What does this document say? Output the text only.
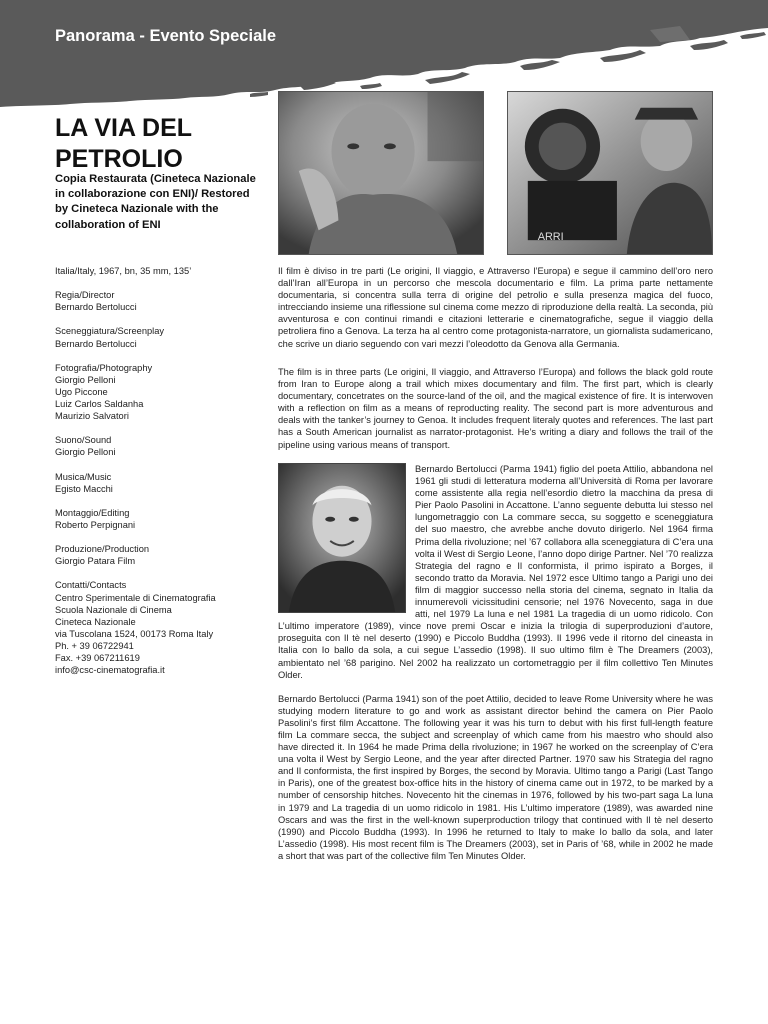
Panorama - Evento Speciale
LA VIA DEL PETROLIO
Copia Restaurata (Cineteca Nazionale in collaborazione con ENI)/ Restored by Cineteca Nazionale with the collaboration of ENI
ARRI
Italia/Italy, 1967, bn, 35 mm, 135’
Regia/Director
Bernardo Bertolucci
Sceneggiatura/Screenplay
Bernardo Bertolucci
Fotografia/Photography
Giorgio Pelloni
Ugo Piccone
Luiz Carlos Saldanha
Maurizio Salvatori
Suono/Sound
Giorgio Pelloni
Musica/Music
Egisto Macchi
Montaggio/Editing
Roberto Perpignani
Produzione/Production
Giorgio Patara Film
Contatti/Contacts
Centro Sperimentale di Cinematografia
Scuola Nazionale di Cinema
Cineteca Nazionale
via Tuscolana 1524, 00173 Roma Italy
Ph. + 39 06722941
Fax. +39 067211619
info@csc-cinematografia.it

Il film è diviso in tre parti (Le origini, Il viaggio, e Attraverso l’Europa) e segue il cammino dell’oro nero dall’Iran all’Europa in un percorso che mescola documentario e film. La prima parte nettamente documentaria, si concentra sulla terra di origine del petrolio e sulla presenza magica del fuoco, intrecciando insieme una riflessione sul cinema come mezzo di riproduzione della realtà. La seconda, più avventurosa e con continui rimandi e citazioni letterarie e cinematografiche, segue il viaggio della petroliera fino a Genova. La terza ha al centro come protagonista-narratore, un giornalista sudamericano, che scrive un diario seguendo con vari mezzi l’oleodotto da Genova alla Germania.

The film is in three parts (Le origini, Il viaggio, and Attraverso l’Europa) and follows the black gold route from Iran to Europe along a trail which mixes documentary and film. The first part, which is clearly documentary, concetrates on the source-land of the oil, and the magical existence of fire. It is interwoven with a reflection on film as a means of reproducting reality. The second part is more adventurous and deals with the tanker’s journey to Genoa. It includes frequent literaly quotes and references. The last part has a South American journalist as narrator-protagonist. He’s writing a diary and follows the trail of the pipeline using various means of transport.

Bernardo Bertolucci (Parma 1941) figlio del poeta Attilio, abbandona nel 1961 gli studi di letteratura moderna all’Università di Roma per lavorare come assistente alla regia nell’esordio dietro la macchina da presa di Pier Paolo Pasolini in Accattone. L’anno seguente debutta lui stesso nel lungometraggio con La commare secca, su soggetto e sceneggiatura del suo maestro, che avrebbe anche dovuto dirigerlo. Nel 1964 firma Prima della rivoluzione; nel ’67 collabora alla sceneggiatura di C’era una volta il West di Sergio Leone, l’anno dopo dirige Partner. Nel ’70 realizza Strategia del ragno e Il conformista, il primo ispirato a Borges, il secondo tratto da Moravia. Nel 1972 esce Ultimo tango a Parigi uno dei film di maggior successo nella storia del cinema, segnato in Italia da innumerevoli vicissitudini censorie; nel 1976 Novecento, saga in due atti, nel 1979 La luna e nel 1981 La tragedia di un uomo ridicolo. Con L’ultimo imperatore (1989), vince nove premi Oscar e inizia la trilogia di superproduzioni d’autore, proseguita con Il tè nel deserto (1990) e Piccolo Buddha (1993). Il 1996 vede il ritorno del cineasta in Italia con Io ballo da sola, a cui segue L’assedio (1998). Il suo ultimo film è The Dreamers (2003), ambientato nel ’68 parigino. Nel 2002 ha realizzato un cortometraggio per il film collettivo Ten Minutes Older.

Bernardo Bertolucci (Parma 1941) son of the poet Attilio, decided to leave Rome University where he was studying modern literature to go and work as assistant director behind the camera on Pier Paolo Pasolini’s first film Accattone. The following year it was his turn to debut with his first full-length feature film La commare secca, the subject and screenplay of which came from his maestro who should also have directed it. In 1964 he made Prima della rivoluzione; in 1967 he worked on the screenplay of C’era una volta il West by Sergio Leone, and the year after directed Partner. 1970 saw his Strategia del ragno and Il conformista, the first inspired by Borges, the second by Moravia. Ultimo tango a Parigi (Last Tango in Paris), one of the greatest box-office hits in the history of cinema came out in 1972, to be marked by a number of censorship hitches. Novecento hit the cinemas in 1976, followed by his two-part saga La luna in 1979 and La tragedia di un uomo ridicolo in 1981. His L’ultimo imperatore (1989), was awarded nine Oscars and was the first in the well-known superproduction trilogy that continued with Il tè nel deserto (1990) and Piccolo Buddha (1993). In 1996 he returned to Italy to make Io ballo da sola, and later L’assedio (1998). His most recent film is The Dreamers (2003), set in Paris of ’68, while in 2002 he made a short that was part of the collective film Ten Minutes Older.
